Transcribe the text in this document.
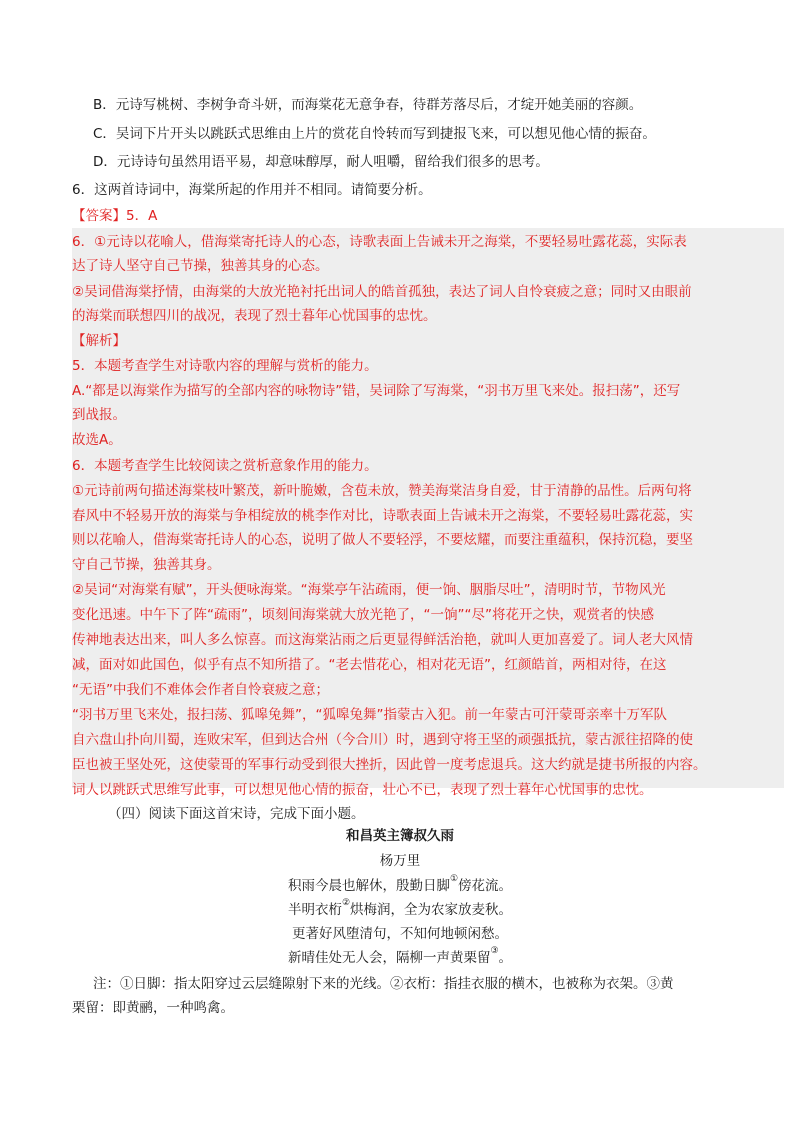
B．元诗写桃树、李树争奇斗妍，而海棠花无意争春，待群芳落尽后，才绽开她美丽的容颜。
C．吴词下片开头以跳跃式思维由上片的赏花自怜转而写到捷报飞来，可以想见他心情的振奋。
D．元诗诗句虽然用语平易，却意味醇厚，耐人咀嚼，留给我们很多的思考。
6．这两首诗词中，海棠所起的作用并不相同。请简要分析。
【答案】5．A
6．①元诗以花喻人，借海棠寄托诗人的心态，诗歌表面上告诫未开之海棠，不要轻易吐露花蕊，实际表
达了诗人坚守自己节操，独善其身的心态。
②吴词借海棠抒情，由海棠的大放光艳衬托出词人的皓首孤独，表达了词人自怜衰疲之意；同时又由眼前
的海棠而联想四川的战况，表现了烈士暮年心忧国事的忠忱。
【解析】
5．本题考查学生对诗歌内容的理解与赏析的能力。
A.“都是以海棠作为描写的全部内容的咏物诗”错，吴词除了写海棠，“羽书万里飞来处。报扫荡”，还写
到战报。
故选A。
6．本题考查学生比较阅读之赏析意象作用的能力。
①元诗前两句描述海棠枝叶繁茂，新叶脆嫩，含苞未放，赞美海棠洁身自爱，甘于清静的品性。后两句将
春风中不轻易开放的海棠与争相绽放的桃李作对比，诗歌表面上告诫未开之海棠，不要轻易吐露花蕊，实
则以花喻人，借海棠寄托诗人的心态，说明了做人不要轻浮，不要炫耀，而要注重蕴积，保持沉稳，要坚
守自己节操，独善其身。
②吴词“对海棠有赋”，开头便咏海棠。“海棠亭午沾疏雨，便一饷、胭脂尽吐”，清明时节，节物风光
变化迅速。中午下了阵“疏雨”，顷刻间海棠就大放光艳了，“一饷”“尽”将花开之快，观赏者的快感
传神地表达出来，叫人多么惊喜。而这海棠沾雨之后更显得鲜活治艳，就叫人更加喜爱了。词人老大风情
减，面对如此国色，似乎有点不知所措了。“老去惜花心，相对花无语”，红颜皓首，两相对待，在这
“无语”中我们不难体会作者自怜衰疲之意；
“羽书万里飞来处，报扫荡、狐嗥兔舞”，“狐嗥兔舞”指蒙古入犯。前一年蒙古可汗蒙哥亲率十万军队
自六盘山扑向川蜀，连败宋军，但到达合州（今合川）时，遇到守将王坚的顽强抵抗，蒙古派往招降的使
臣也被王坚处死，这使蒙哥的军事行动受到很大挫折，因此曾一度考虑退兵。这大约就是捷书所报的内容。
词人以跳跃式思维写此事，可以想见他心情的振奋，壮心不已，表现了烈士暮年心忧国事的忠忱。
（四）阅读下面这首宋诗，完成下面小题。
和昌英主簿叔久雨
杨万里
积雨今晨也解休，殷勤日脚①傍花流。
半明衣桁②烘梅润，全为农家放麦秋。
更著好风堕清句，不知何地顿闲愁。
新晴佳处无人会，隔柳一声黄栗留③。
注：①日脚：指太阳穿过云层缝隙射下来的光线。②衣桁：指挂衣服的横木，也被称为衣架。③黄
栗留：即黄鹂，一种鸣禽。
